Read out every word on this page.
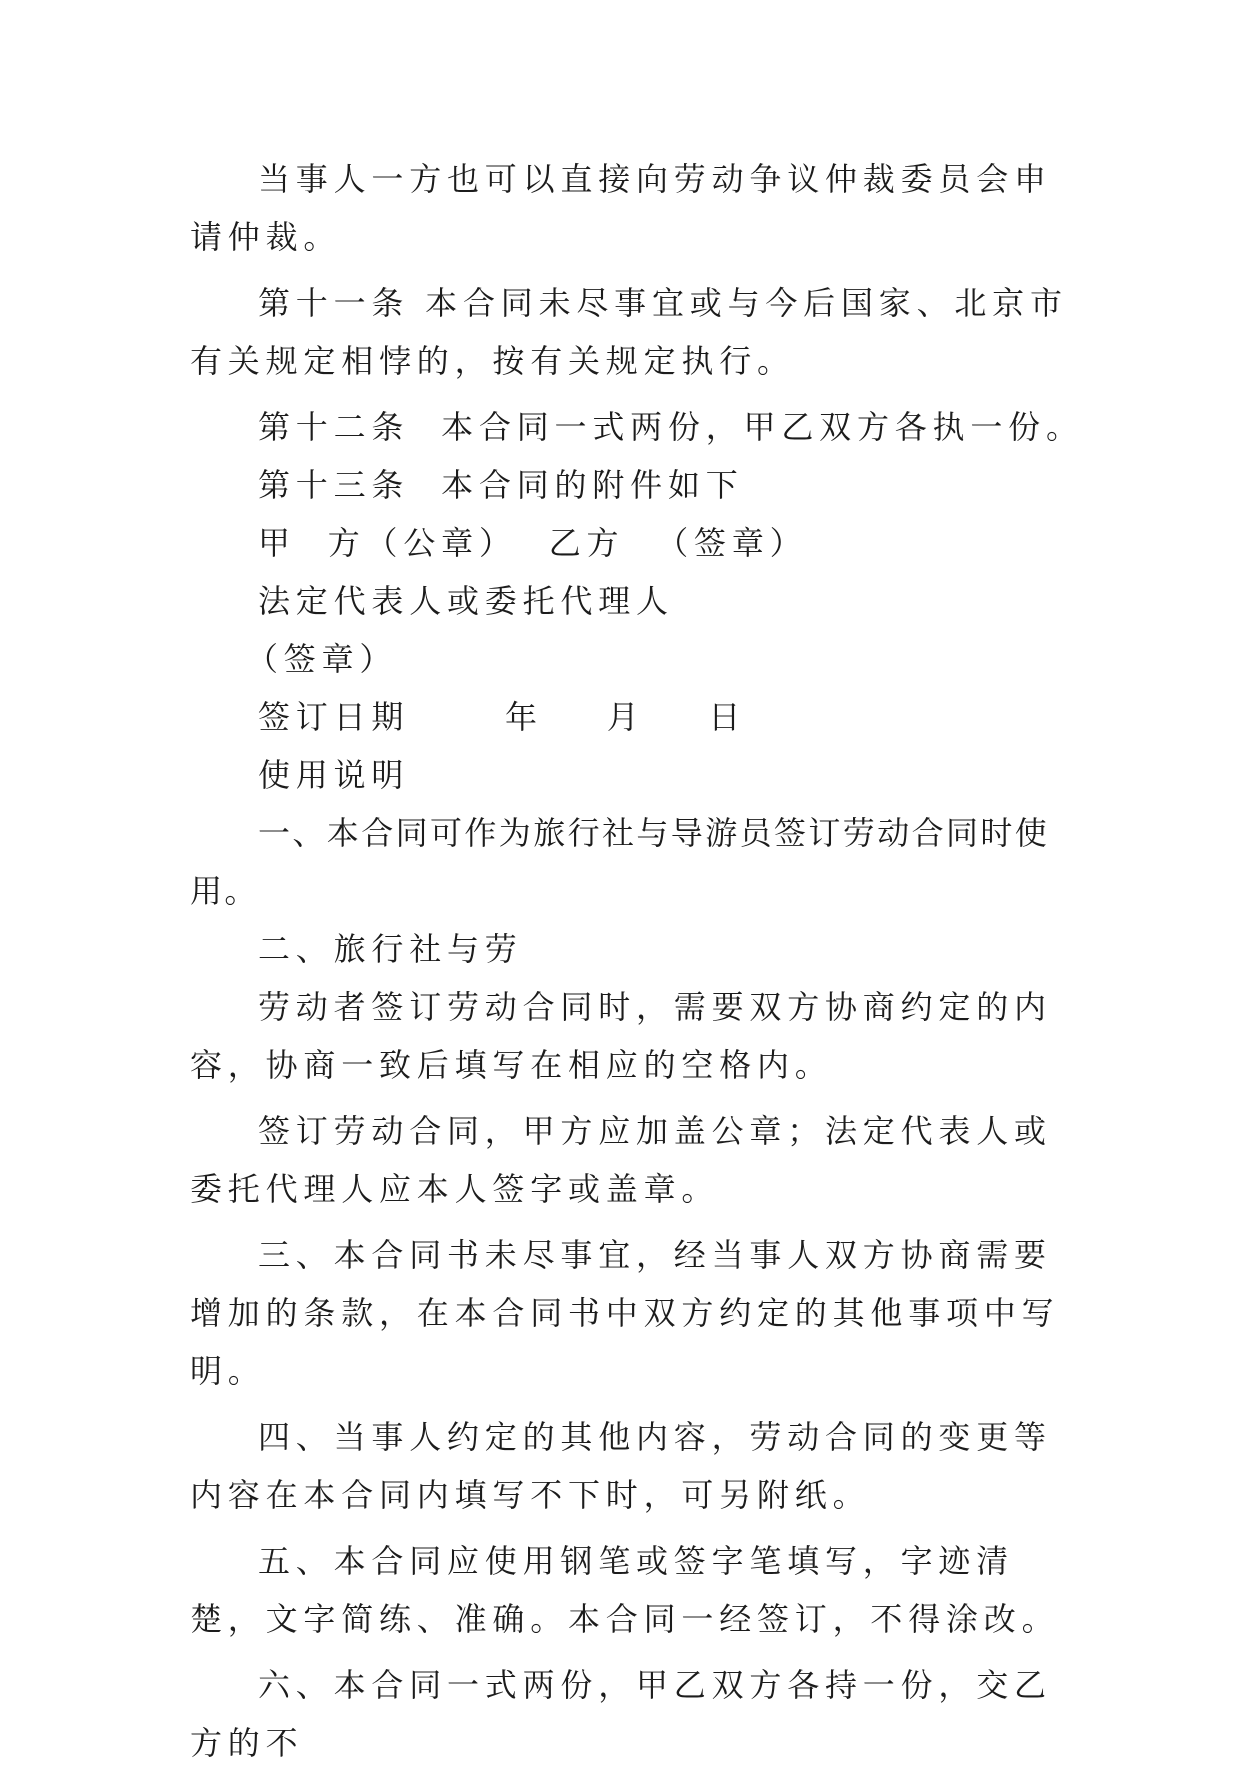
当事人一方也可以直接向劳动争议仲裁委员会申请仲裁。

第十一条 本合同未尽事宜或与今后国家、北京市有关规定相悖的，按有关规定执行。

第十二条  本合同一式两份，甲乙双方各执一份。

第十三条  本合同的附件如下

甲  方（公章）  乙方  （签章）

法定代表人或委托代理人

（签章）

签订日期      年    月    日

使用说明

一、本合同可作为旅行社与导游员签订劳动合同时使用。

二、旅行社与劳

劳动者签订劳动合同时，需要双方协商约定的内容，协商一致后填写在相应的空格内。

签订劳动合同，甲方应加盖公章；法定代表人或委托代理人应本人签字或盖章。

三、本合同书未尽事宜，经当事人双方协商需要增加的条款，在本合同书中双方约定的其他事项中写明。

四、当事人约定的其他内容，劳动合同的变更等内容在本合同内填写不下时，可另附纸。

五、本合同应使用钢笔或签字笔填写，字迹清楚，文字简练、准确。本合同一经签订，不得涂改。

六、本合同一式两份，甲乙双方各持一份，交乙方的不
